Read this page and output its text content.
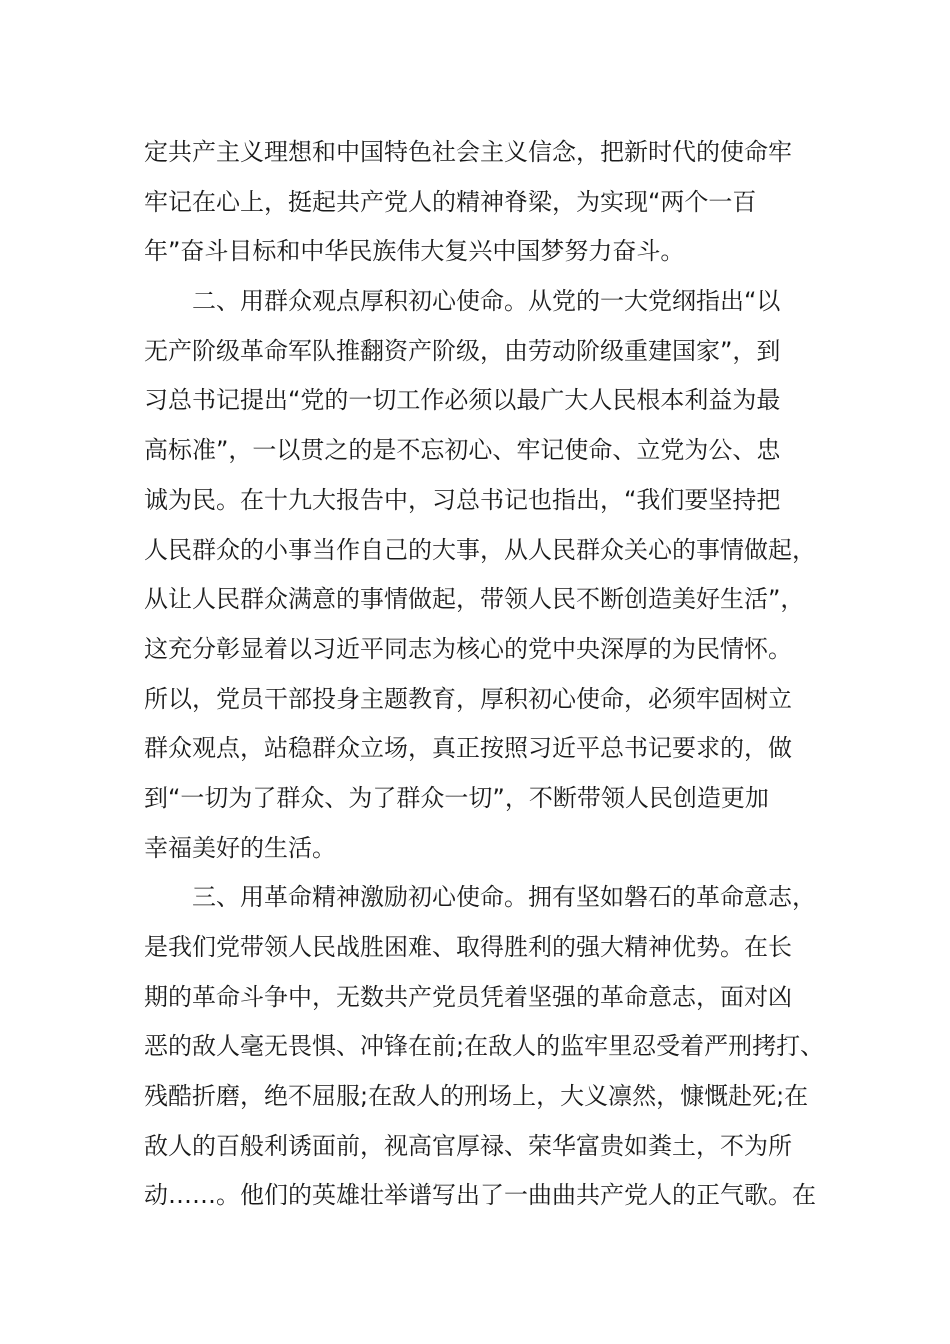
定共产主义理想和中国特色社会主义信念，把新时代的使命牢
牢记在心上，挺起共产党人的精神脊梁，为实现“两个一百
年”奋斗目标和中华民族伟大复兴中国梦努力奋斗。
二、用群众观点厚积初心使命。从党的一大党纲指出“以
无产阶级革命军队推翻资产阶级，由劳动阶级重建国家”，到
习总书记提出“党的一切工作必须以最广大人民根本利益为最
高标准”，一以贯之的是不忘初心、牢记使命、立党为公、忠
诚为民。在十九大报告中，习总书记也指出，“我们要坚持把
人民群众的小事当作自己的大事，从人民群众关心的事情做起，
从让人民群众满意的事情做起，带领人民不断创造美好生活”，
这充分彰显着以习近平同志为核心的党中央深厚的为民情怀。
所以，党员干部投身主题教育，厚积初心使命，必须牢固树立
群众观点，站稳群众立场，真正按照习近平总书记要求的，做
到“一切为了群众、为了群众一切”，不断带领人民创造更加
幸福美好的生活。
三、用革命精神激励初心使命。拥有坚如磐石的革命意志，
是我们党带领人民战胜困难、取得胜利的强大精神优势。在长
期的革命斗争中，无数共产党员凭着坚强的革命意志，面对凶
恶的敌人毫无畏惧、冲锋在前;在敌人的监牢里忍受着严刑拷打、
残酷折磨，绝不屈服;在敌人的刑场上，大义凛然，慷慨赴死;在
敌人的百般利诱面前，视高官厚禄、荣华富贵如粪土，不为所
动……。他们的英雄壮举谱写出了一曲曲共产党人的正气歌。在
